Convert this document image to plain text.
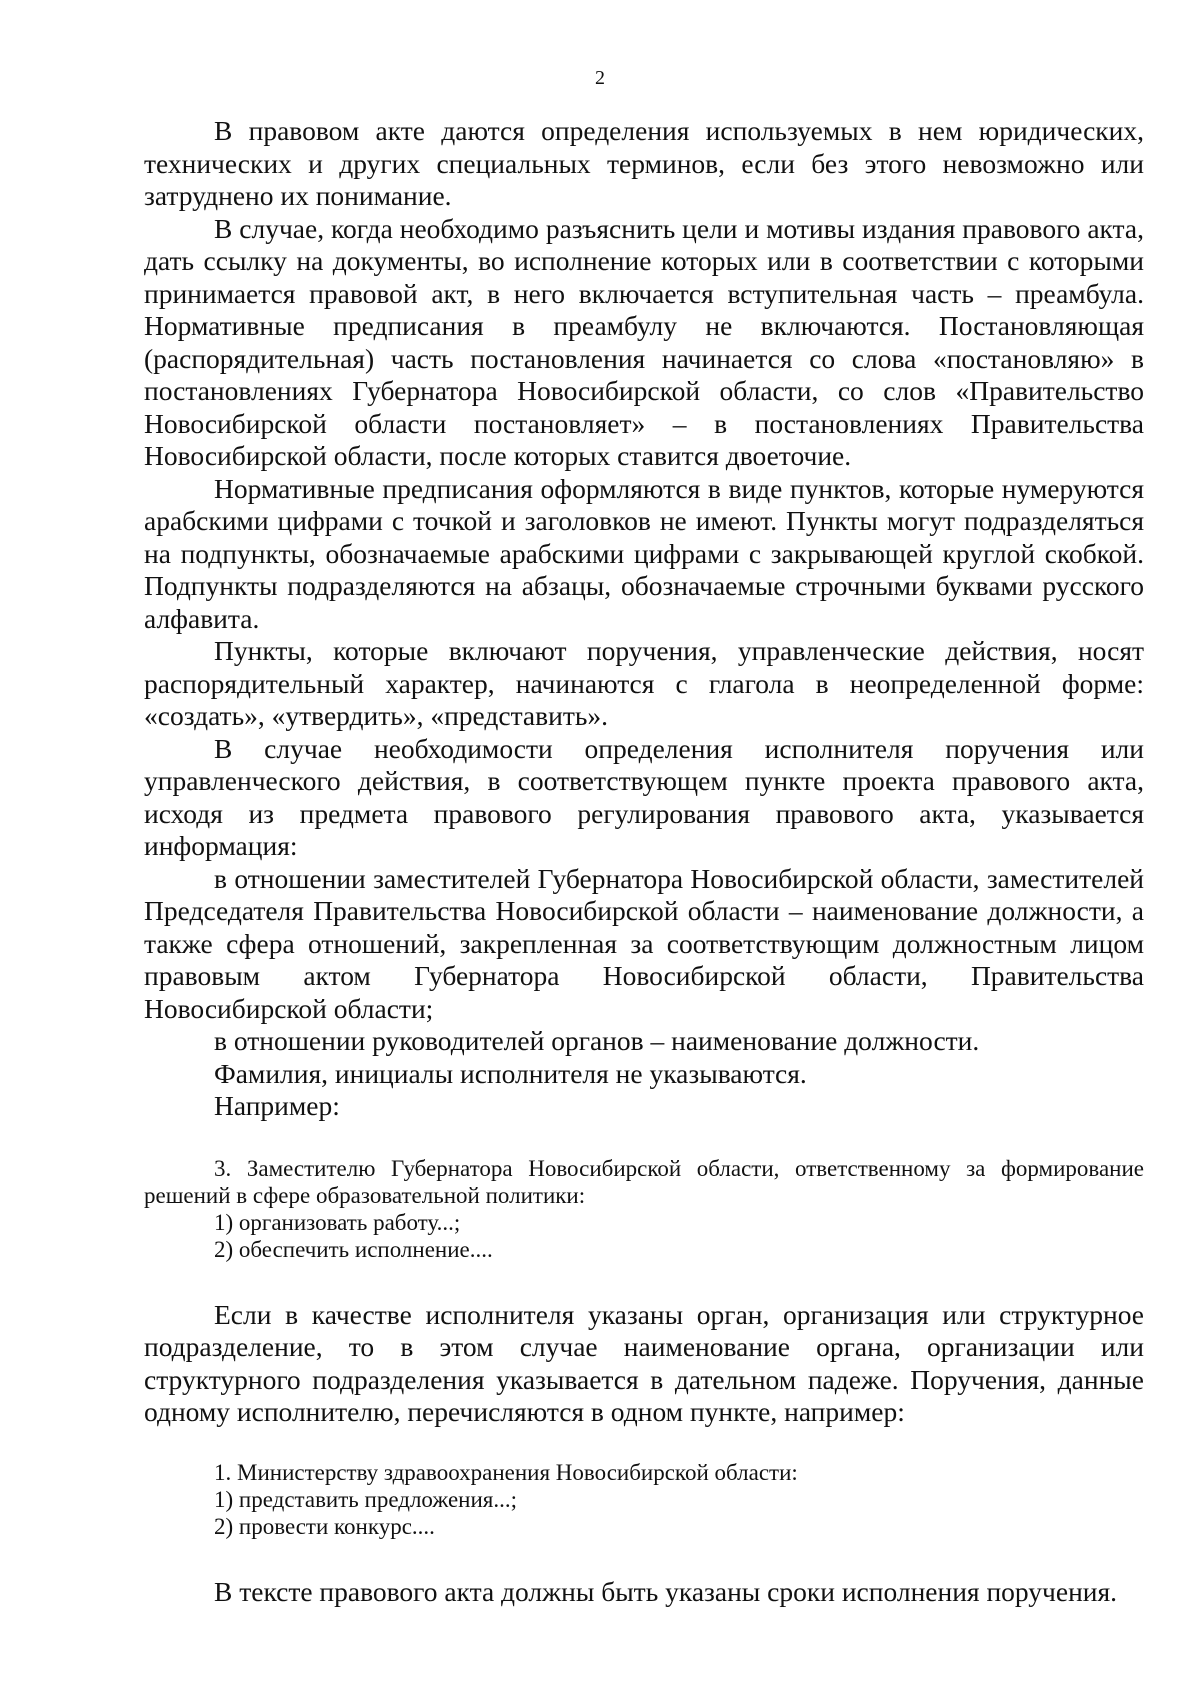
2

В правовом акте даются определения используемых в нем юридических, технических и других специальных терминов, если без этого невозможно или затруднено их понимание.

В случае, когда необходимо разъяснить цели и мотивы издания правового акта, дать ссылку на документы, во исполнение которых или в соответствии с которыми принимается правовой акт, в него включается вступительная часть – преамбула. Нормативные предписания в преамбулу не включаются. Постановляющая (распорядительная) часть постановления начинается со слова «постановляю» в постановлениях Губернатора Новосибирской области, со слов «Правительство Новосибирской области постановляет» – в постановлениях Правительства Новосибирской области, после которых ставится двоеточие.

Нормативные предписания оформляются в виде пунктов, которые нумеруются арабскими цифрами с точкой и заголовков не имеют. Пункты могут подразделяться на подпункты, обозначаемые арабскими цифрами с закрывающей круглой скобкой. Подпункты подразделяются на абзацы, обозначаемые строчными буквами русского алфавита.

Пункты, которые включают поручения, управленческие действия, носят распорядительный характер, начинаются с глагола в неопределенной форме: «создать», «утвердить», «представить».

В случае необходимости определения исполнителя поручения или управленческого действия, в соответствующем пункте проекта правового акта, исходя из предмета правового регулирования правового акта, указывается информация:

в отношении заместителей Губернатора Новосибирской области, заместителей Председателя Правительства Новосибирской области – наименование должности, а также сфера отношений, закрепленная за соответствующим должностным лицом правовым актом Губернатора Новосибирской области, Правительства Новосибирской области;

в отношении руководителей органов – наименование должности.

Фамилия, инициалы исполнителя не указываются.

Например:

3. Заместителю Губернатора Новосибирской области, ответственному за формирование решений в сфере образовательной политики:

1) организовать работу...;

2) обеспечить исполнение....

Если в качестве исполнителя указаны орган, организация или структурное подразделение, то в этом случае наименование органа, организации или структурного подразделения указывается в дательном падеже. Поручения, данные одному исполнителю, перечисляются в одном пункте, например:

1. Министерству здравоохранения Новосибирской области:

1) представить предложения...;

2) провести конкурс....

В тексте правового акта должны быть указаны сроки исполнения поручения.
